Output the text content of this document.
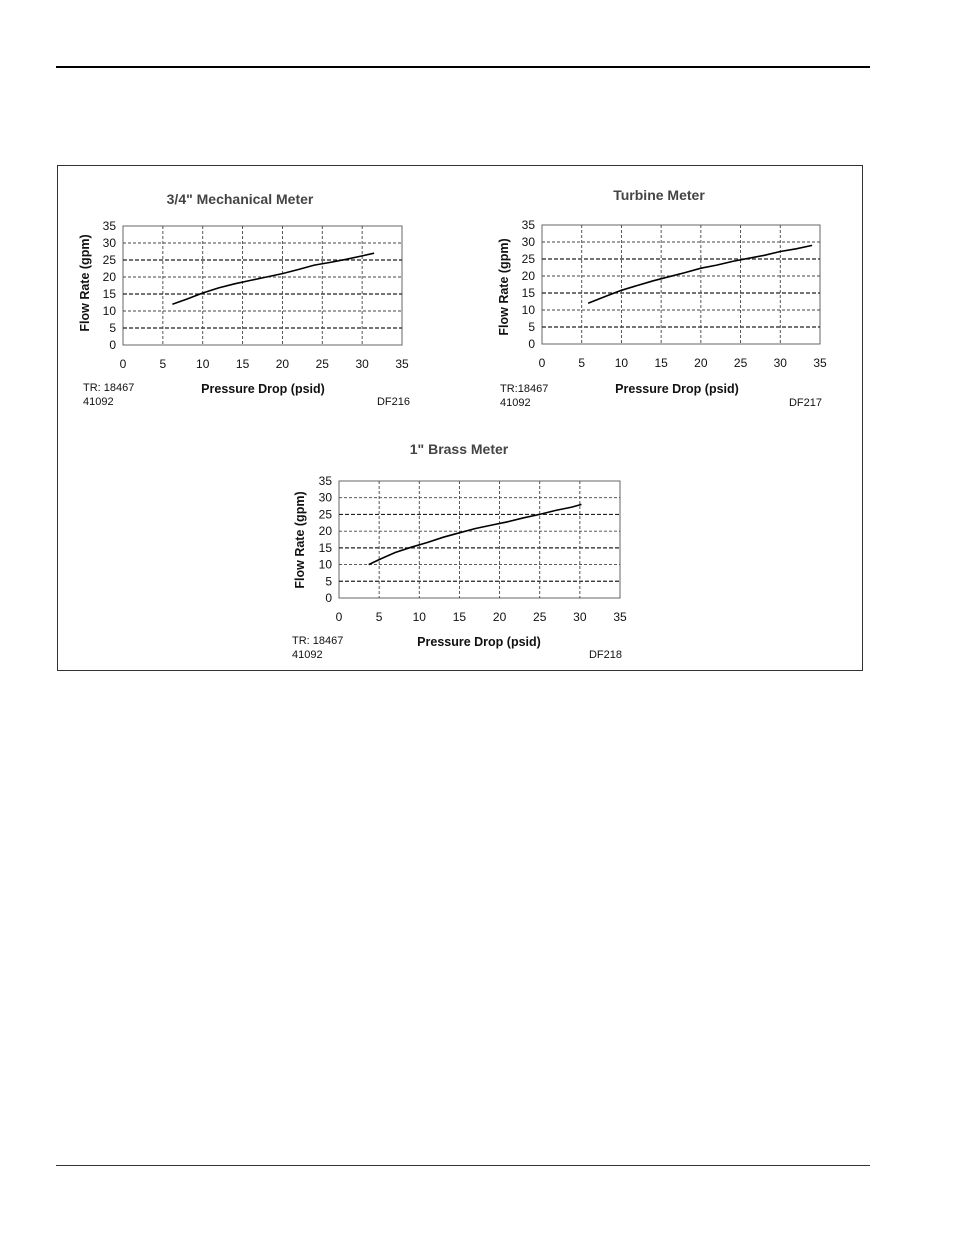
3/4" Mechanical Meter
0
5
10
15
20
25
30
35
0	5 10 15 20 25 30 35
Pressure Drop (psid)
Flow Rate (gpm)
TR: 18467
41092	DF216
Turbine Meter
0
5
10
15
20
25
30
35
0	5 10 15 20 25 30 35
Pressure Drop (psid)
Flow Rate (gpm)
TR:18467
41092	DF217
1" Brass Meter
0
5
10
15
20
25
30
35
0	5	10 15 20 25 30 35
Pressure Drop (psid)
Flow Rate (gpm)
TR: 18467
41092	DF218
